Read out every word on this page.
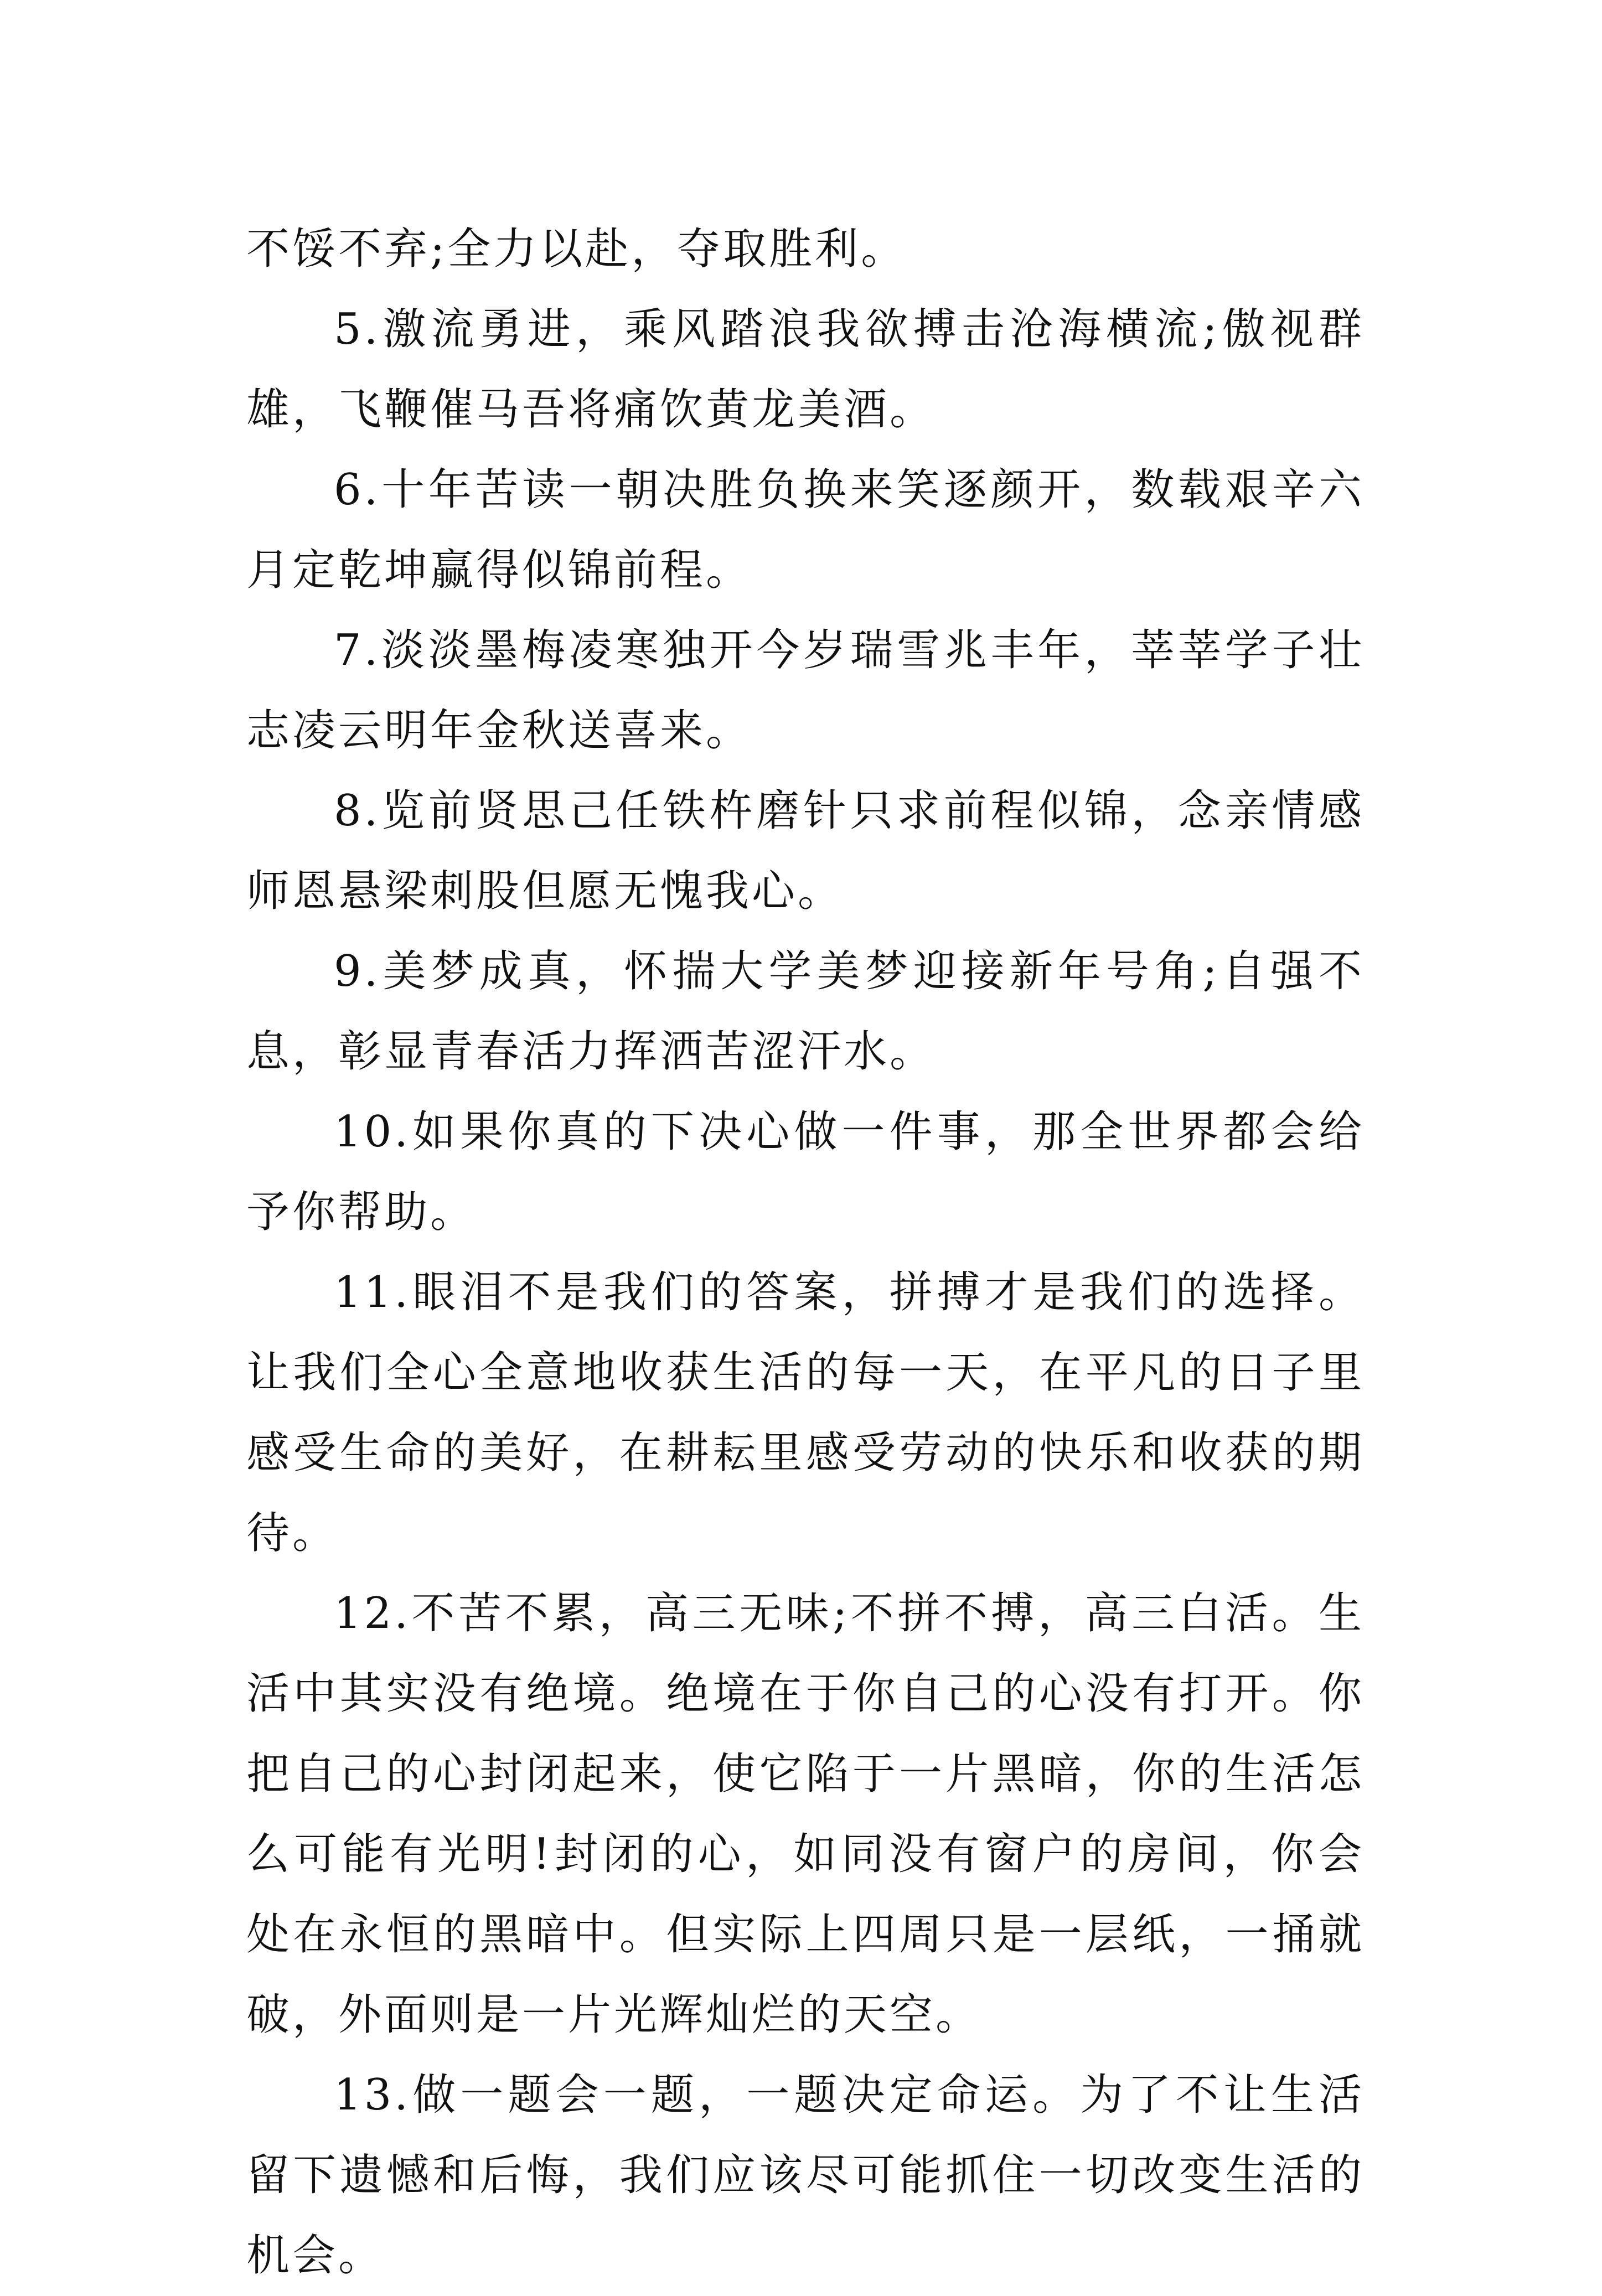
不馁不弃;全力以赴，夺取胜利。

5.激流勇进，乘风踏浪我欲搏击沧海横流;傲视群雄，飞鞭催马吾将痛饮黄龙美酒。

6.十年苦读一朝决胜负换来笑逐颜开，数载艰辛六月定乾坤赢得似锦前程。

7.淡淡墨梅凌寒独开今岁瑞雪兆丰年，莘莘学子壮志凌云明年金秋送喜来。

8.览前贤思己任铁杵磨针只求前程似锦，念亲情感师恩悬梁刺股但愿无愧我心。

9.美梦成真，怀揣大学美梦迎接新年号角;自强不息，彰显青春活力挥洒苦涩汗水。

10.如果你真的下决心做一件事，那全世界都会给予你帮助。

11.眼泪不是我们的答案，拼搏才是我们的选择。让我们全心全意地收获生活的每一天，在平凡的日子里感受生命的美好，在耕耘里感受劳动的快乐和收获的期待。

12.不苦不累，高三无味;不拼不搏，高三白活。生活中其实没有绝境。绝境在于你自己的心没有打开。你把自己的心封闭起来，使它陷于一片黑暗，你的生活怎么可能有光明!封闭的心，如同没有窗户的房间，你会处在永恒的黑暗中。但实际上四周只是一层纸，一捅就破，外面则是一片光辉灿烂的天空。

13.做一题会一题，一题决定命运。为了不让生活留下遗憾和后悔，我们应该尽可能抓住一切改变生活的机会。
